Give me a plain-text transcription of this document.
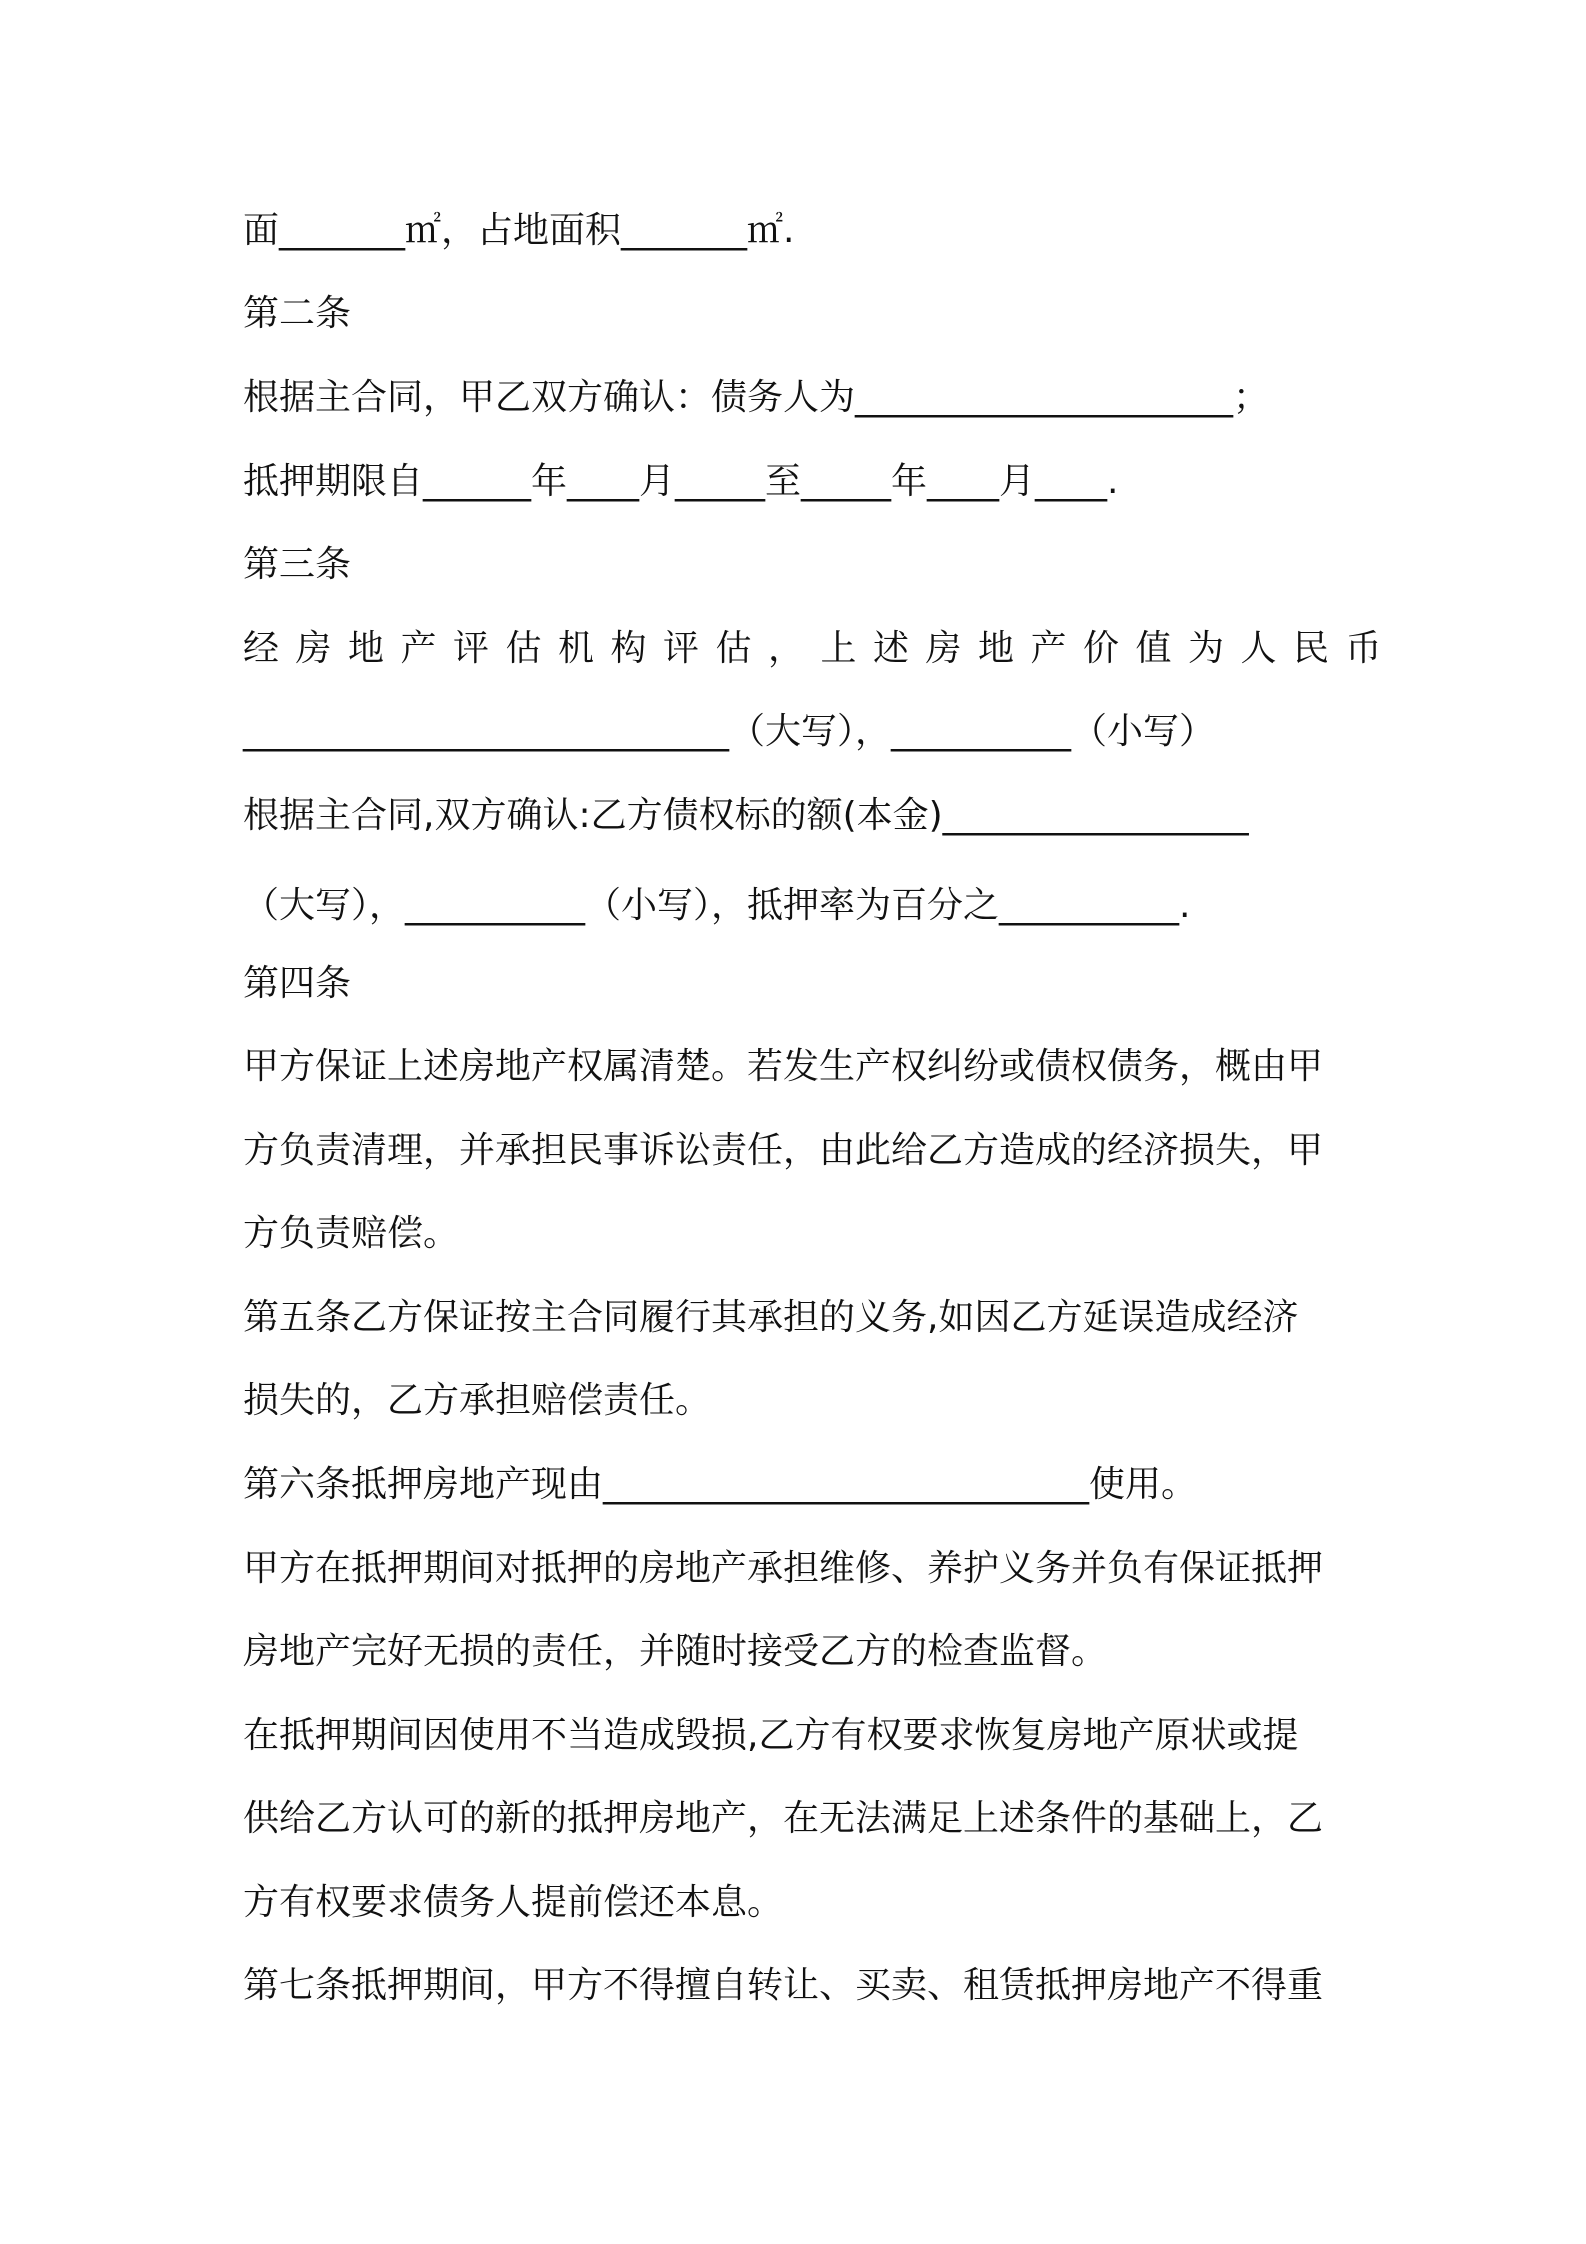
面_______㎡，占地面积_______㎡.
第二条
根据主合同，甲乙双方确认：债务人为_____________________；
抵押期限自______年____月_____至_____年____月____.
第三条
经房地产评估机构评估，上述房地产价值为人民币
___________________________（大写），__________（小写）
根据主合同,双方确认:乙方债权标的额(本金)_________________
（大写），__________（小写），抵押率为百分之__________.
第四条
甲方保证上述房地产权属清楚。若发生产权纠纷或债权债务，概由甲
方负责清理，并承担民事诉讼责任，由此给乙方造成的经济损失，甲
方负责赔偿。
第五条乙方保证按主合同履行其承担的义务,如因乙方延误造成经济
损失的，乙方承担赔偿责任。
第六条抵押房地产现由___________________________使用。
甲方在抵押期间对抵押的房地产承担维修、养护义务并负有保证抵押
房地产完好无损的责任，并随时接受乙方的检查监督。
在抵押期间因使用不当造成毁损,乙方有权要求恢复房地产原状或提
供给乙方认可的新的抵押房地产，在无法满足上述条件的基础上，乙
方有权要求债务人提前偿还本息。
第七条抵押期间，甲方不得擅自转让、买卖、租赁抵押房地产不得重
